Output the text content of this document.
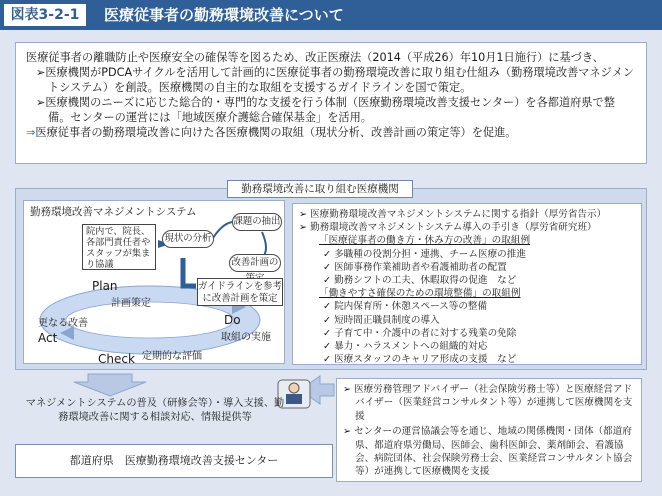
図表3-2-1	医療従事者の勤務環境改善について

医療従事者の離職防止や医療安全の確保等を図るため、改正医療法（2014（平成26）年10月1日施行）に基づき、

➢医療機関がPDCAサイクルを活用して計画的に医療従事者の勤務環境改善に取り組む仕組み（勤務環境改善マネジメントシステム）を創設。医療機関の自主的な取組を支援するガイドラインを国で策定。

➢医療機関のニーズに応じた総合的・専門的な支援を行う体制（医療勤務環境改善支援センター）を各都道府県で整備。センターの運営には「地域医療介護総合確保基金」を活用。

⇒医療従事者の勤務環境改善に向けた各医療機関の取組（現状分析、改善計画の策定等）を促進。

勤務環境改善に取り組む医療機関
勤務環境改善マネジメントシステム
院内で、院長、各部門責任者やスタッフが集まり協議
現状の分析
課題の抽出
改善計画の
ガイドラインを参考に改善計画を策定
Plan
計画策定
Do
取組の実施
更なる改善
Act
定期的な評価
Check
➢ 医療勤務環境改善マネジメントシステムに関する指針（厚労省告示）
➢ 勤務環境改善マネジメントシステム導入の手引き（厚労省研究班）
「医療従事者の働き方・休み方の改善」の取組例
✓ 多職種の役割分担・連携、チーム医療の推進
✓ 医師事務作業補助者や看護補助者の配置
✓ 勤務シフトの工夫、休暇取得の促進　など
「働きやすさ確保のための環境整備」の取組例
✓ 院内保育所・休憩スペース等の整備
✓ 短時間正職員制度の導入
✓ 子育て中・介護中の者に対する残業の免除
✓ 暴力・ハラスメントへの組織的対応
✓ 医療スタッフのキャリア形成の支援　など
マネジメントシステムの普及（研修会等）・導入支援、勤務環境改善に関する相談対応、情報提供等
都道府県　医療勤務環境改善支援センター
➢ 医療労務管理アドバイザー（社会保険労務士等）と医療経営アドバイザー（医業経営コンサルタント等）が連携して医療機関を支援
➢ センターの運営協議会等を通じ、地域の関係機関・団体（都道府県、都道府県労働局、医師会、歯科医師会、薬剤師会、看護協会、病院団体、社会保険労務士会、医業経営コンサルタント協会等）が連携して医療機関を支援
